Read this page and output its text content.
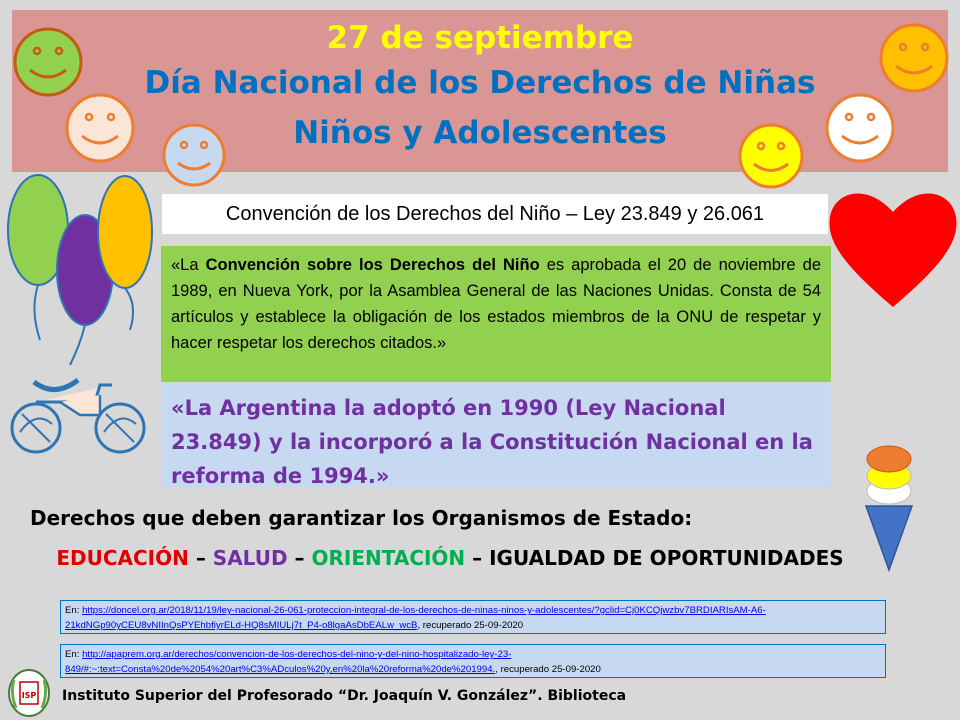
27 de septiembre
Día Nacional de los Derechos de Niñas
Niños y Adolescentes
Convención de los Derechos del Niño – Ley 23.849 y 26.061
«La Convención sobre los Derechos del Niño es aprobada el 20 de noviembre de 1989, en Nueva York, por la Asamblea General de las Naciones Unidas. Consta de 54 artículos y establece la obligación de los estados miembros de la ONU de respetar y hacer respetar los derechos citados.»
«La Argentina la adoptó en 1990 (Ley Nacional 23.849) y la incorporó a la Constitución Nacional en la reforma de 1994.»
Derechos que deben garantizar los Organismos de Estado:
EDUCACIÓN – SALUD – ORIENTACIÓN – IGUALDAD DE OPORTUNIDADES
En: https://doncel.org.ar/2018/11/19/ley-nacional-26-061-proteccion-integral-de-los-derechos-de-ninas-ninos-y-adolescentes/?gclid=Cj0KCQjwzbv7BRDIARIsAM-A6-21kdNGp90yCEU8vNIInQsPYEhbfiyrELd-HQ8sMIULj7t_P4-o8lgaAsDbEALw_wcB, recuperado 25-09-2020
En: http://apaprem.org.ar/derechos/convencion-de-los-derechos-del-nino-y-del-nino-hospitalizado-ley-23-849/#:~:text=Consta%20de%2054%20art%C3%ADculos%20y,en%20la%20reforma%20de%201994., recuperado 25-09-2020
ISP Instituto Superior del Profesorado “Dr. Joaquín V. González”. Biblioteca
